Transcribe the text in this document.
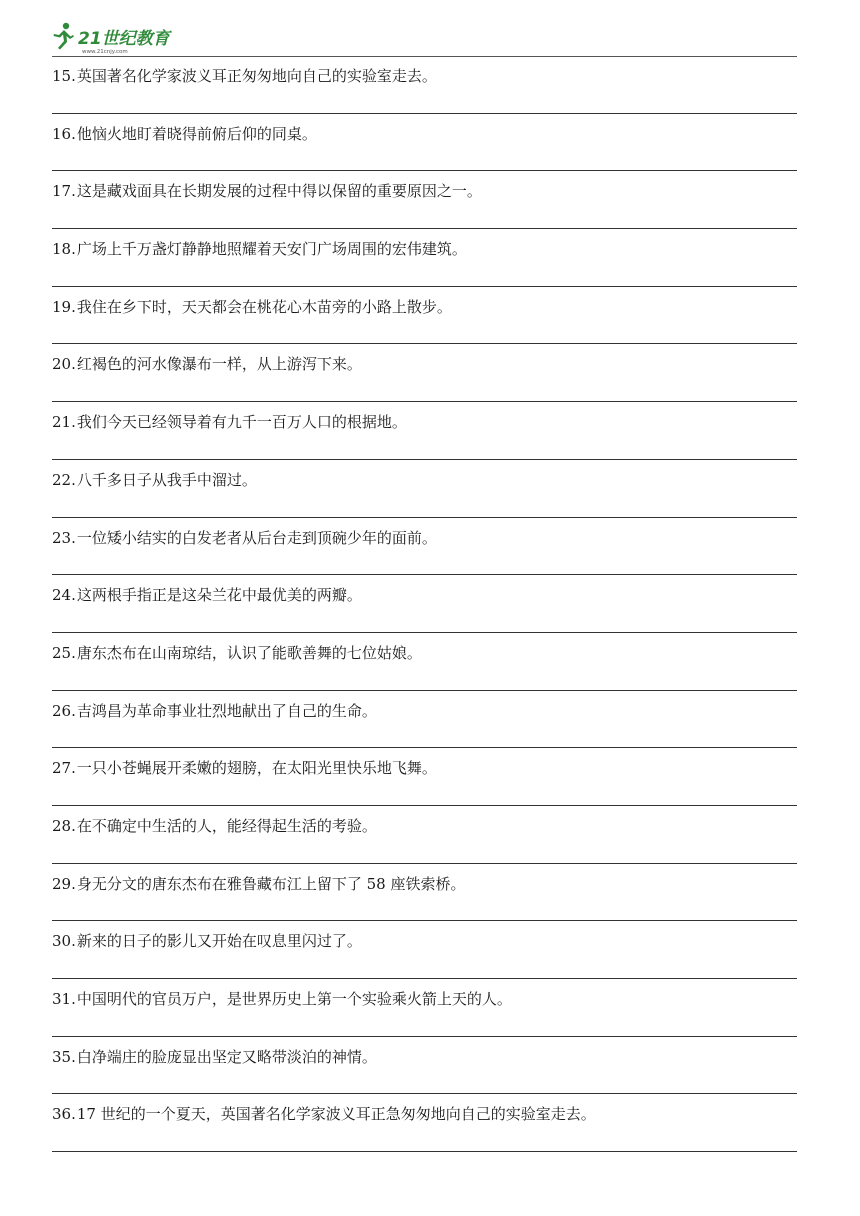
21世纪教育
www.21cnjy.com
15.英国著名化学家波义耳正匆匆地向自己的实验室走去。
16.他恼火地盯着晓得前俯后仰的同桌。
17.这是藏戏面具在长期发展的过程中得以保留的重要原因之一。
18.广场上千万盏灯静静地照耀着天安门广场周围的宏伟建筑。
19.我住在乡下时，天天都会在桃花心木苗旁的小路上散步。
20.红褐色的河水像瀑布一样，从上游泻下来。
21.我们今天已经领导着有九千一百万人口的根据地。
22.八千多日子从我手中溜过。
23.一位矮小结实的白发老者从后台走到顶碗少年的面前。
24.这两根手指正是这朵兰花中最优美的两瓣。
25.唐东杰布在山南琼结，认识了能歌善舞的七位姑娘。
26.吉鸿昌为革命事业壮烈地献出了自己的生命。
27.一只小苍蝇展开柔嫩的翅膀，在太阳光里快乐地飞舞。
28.在不确定中生活的人，能经得起生活的考验。
29.身无分文的唐东杰布在雅鲁藏布江上留下了 58 座铁索桥。
30.新来的日子的影儿又开始在叹息里闪过了。
31.中国明代的官员万户，是世界历史上第一个实验乘火箭上天的人。
35.白净端庄的脸庞显出坚定又略带淡泊的神情。
36.17 世纪的一个夏天，英国著名化学家波义耳正急匆匆地向自己的实验室走去。
